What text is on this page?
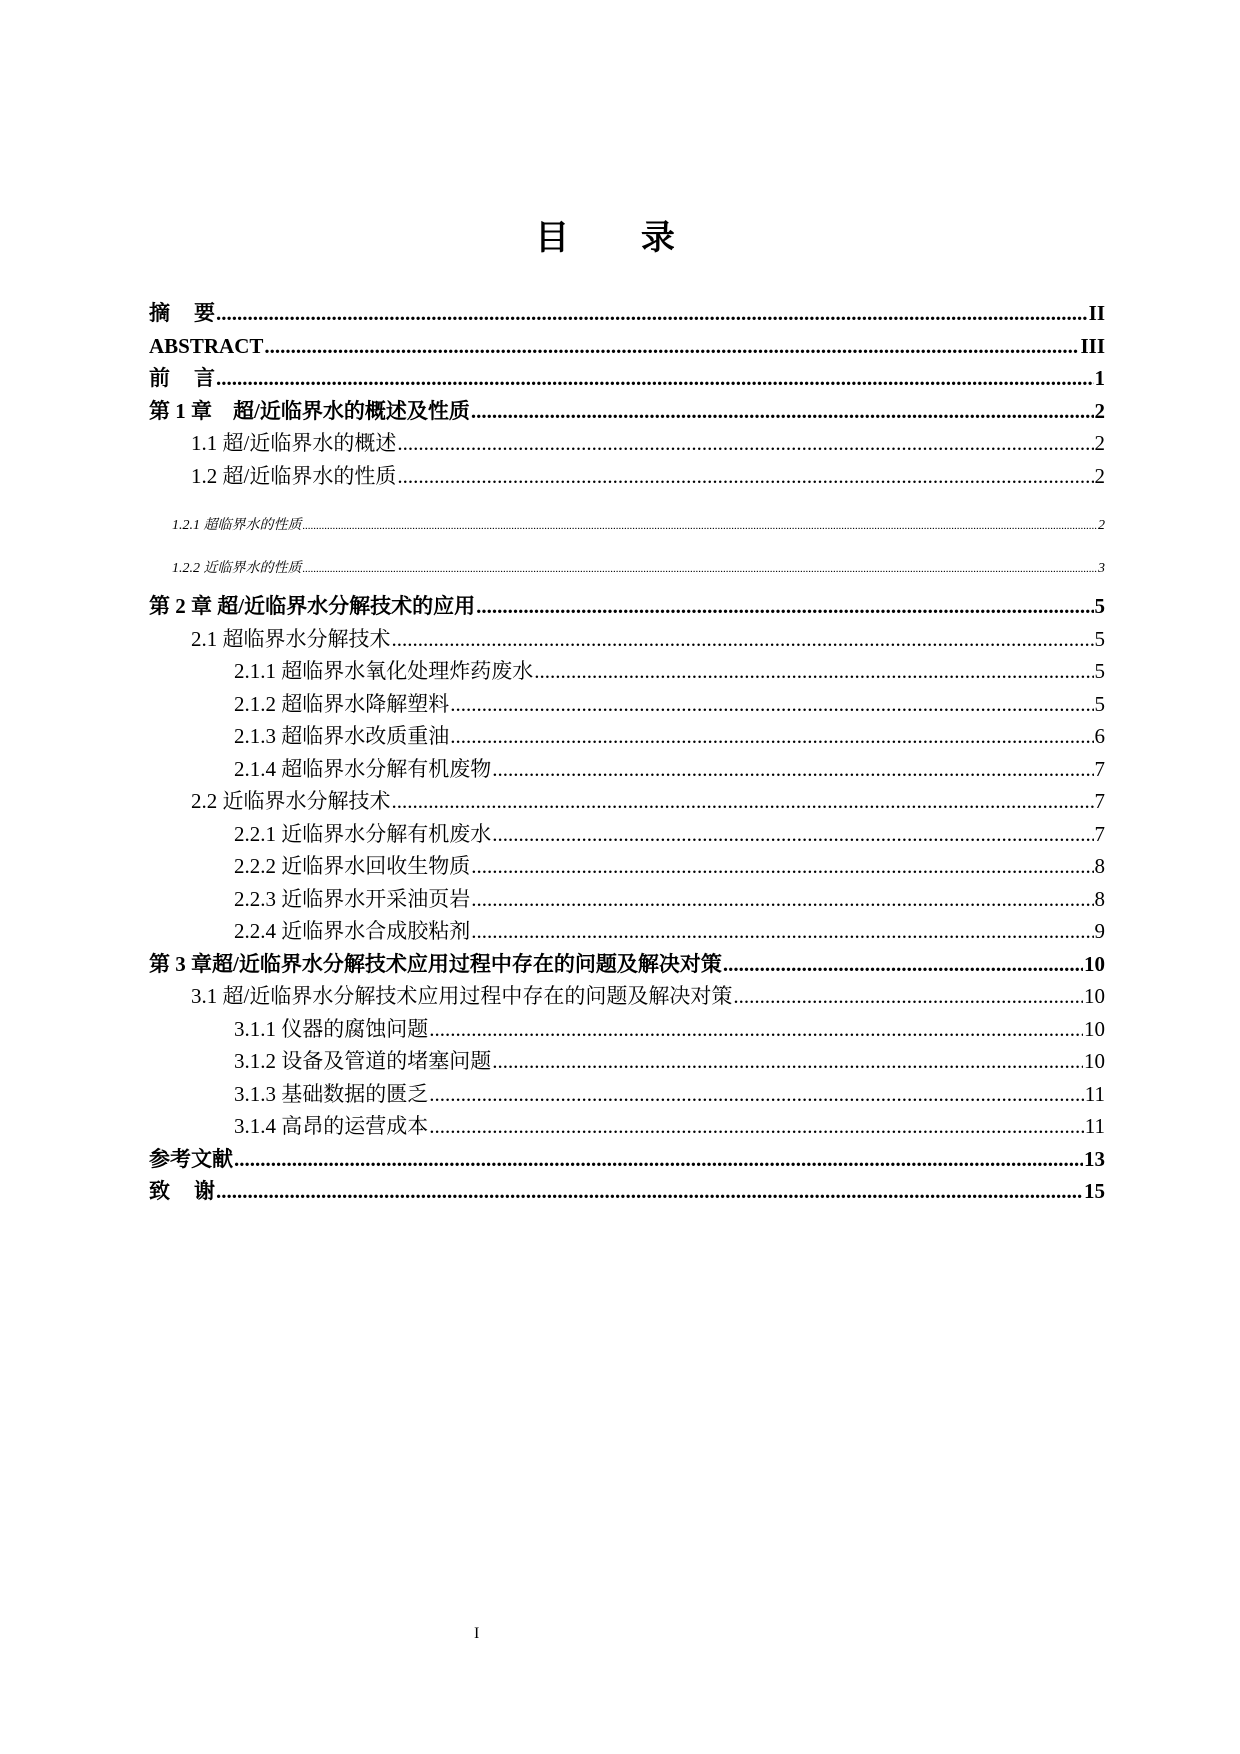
目 录
摘要 .....	II
ABSTRACT .....	III
前言 .....	1
第 1 章　超/近临界水的概述及性质 .....	2
1.1 超/近临界水的概述 .....	2
1.2 超/近临界水的性质 .....	2
1.2.1 超临界水的性质 .....	2
1.2.2 近临界水的性质 .....	3
第 2 章 超/近临界水分解技术的应用 .....	5
2.1 超临界水分解技术 .....	5
2.1.1 超临界水氧化处理炸药废水 .....	5
2.1.2 超临界水降解塑料 .....	5
2.1.3 超临界水改质重油 .....	6
2.1.4 超临界水分解有机废物 .....	7
2.2 近临界水分解技术 .....	7
2.2.1 近临界水分解有机废水 .....	7
2.2.2 近临界水回收生物质 .....	8
2.2.3 近临界水开采油页岩 .....	8
2.2.4 近临界水合成胶粘剂 .....	9
第 3 章超/近临界水分解技术应用过程中存在的问题及解决对策 .....	10
3.1 超/近临界水分解技术应用过程中存在的问题及解决对策 .....	10
3.1.1 仪器的腐蚀问题 .....	10
3.1.2 设备及管道的堵塞问题 .....	10
3.1.3 基础数据的匮乏 .....	11
3.1.4 高昂的运营成本 .....	11
参考文献 .....	13
致谢 .....	15
I
